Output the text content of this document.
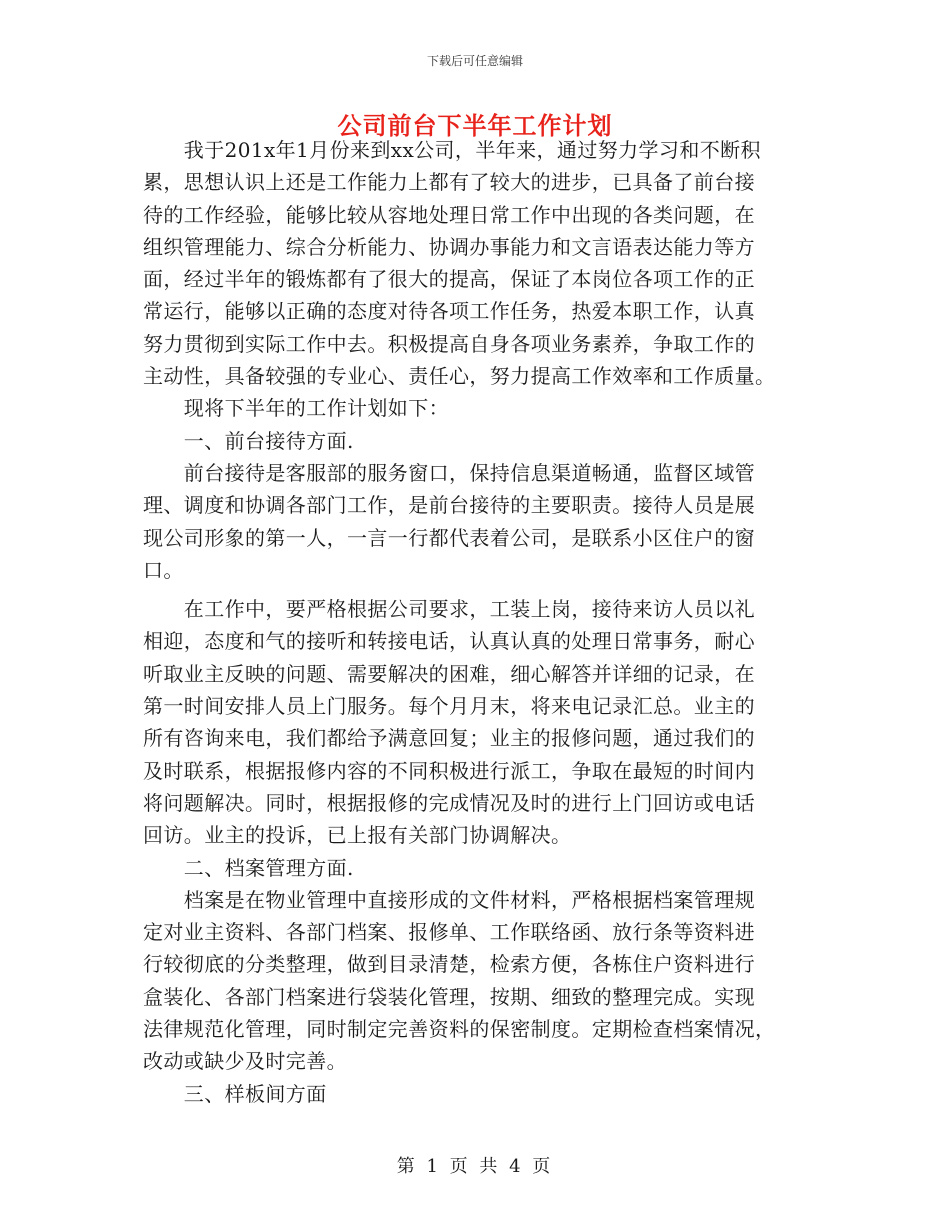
下载后可任意编辑
公司前台下半年工作计划
　　我于201x年1月份来到xx公司，半年来，通过努力学习和不断积
累，思想认识上还是工作能力上都有了较大的进步，已具备了前台接
待的工作经验，能够比较从容地处理日常工作中出现的各类问题，在
组织管理能力、综合分析能力、协调办事能力和文言语表达能力等方
面，经过半年的锻炼都有了很大的提高，保证了本岗位各项工作的正
常运行，能够以正确的态度对待各项工作任务，热爱本职工作，认真
努力贯彻到实际工作中去。积极提高自身各项业务素养，争取工作的
主动性，具备较强的专业心、责任心，努力提高工作效率和工作质量。
　　现将下半年的工作计划如下：
　　一、前台接待方面.
　　前台接待是客服部的服务窗口，保持信息渠道畅通，监督区域管
理、调度和协调各部门工作，是前台接待的主要职责。接待人员是展
现公司形象的第一人，一言一行都代表着公司，是联系小区住户的窗
口。
　　在工作中，要严格根据公司要求，工装上岗，接待来访人员以礼
相迎，态度和气的接听和转接电话，认真认真的处理日常事务，耐心
听取业主反映的问题、需要解决的困难，细心解答并详细的记录，在
第一时间安排人员上门服务。每个月月末，将来电记录汇总。业主的
所有咨询来电，我们都给予满意回复；业主的报修问题，通过我们的
及时联系，根据报修内容的不同积极进行派工，争取在最短的时间内
将问题解决。同时，根据报修的完成情况及时的进行上门回访或电话
回访。业主的投诉，已上报有关部门协调解决。
　　二、档案管理方面.
　　档案是在物业管理中直接形成的文件材料，严格根据档案管理规
定对业主资料、各部门档案、报修单、工作联络函、放行条等资料进
行较彻底的分类整理，做到目录清楚，检索方便，各栋住户资料进行
盒装化、各部门档案进行袋装化管理，按期、细致的整理完成。实现
法律规范化管理，同时制定完善资料的保密制度。定期检查档案情况，
改动或缺少及时完善。
　　三、样板间方面
第 1 页 共 4 页
